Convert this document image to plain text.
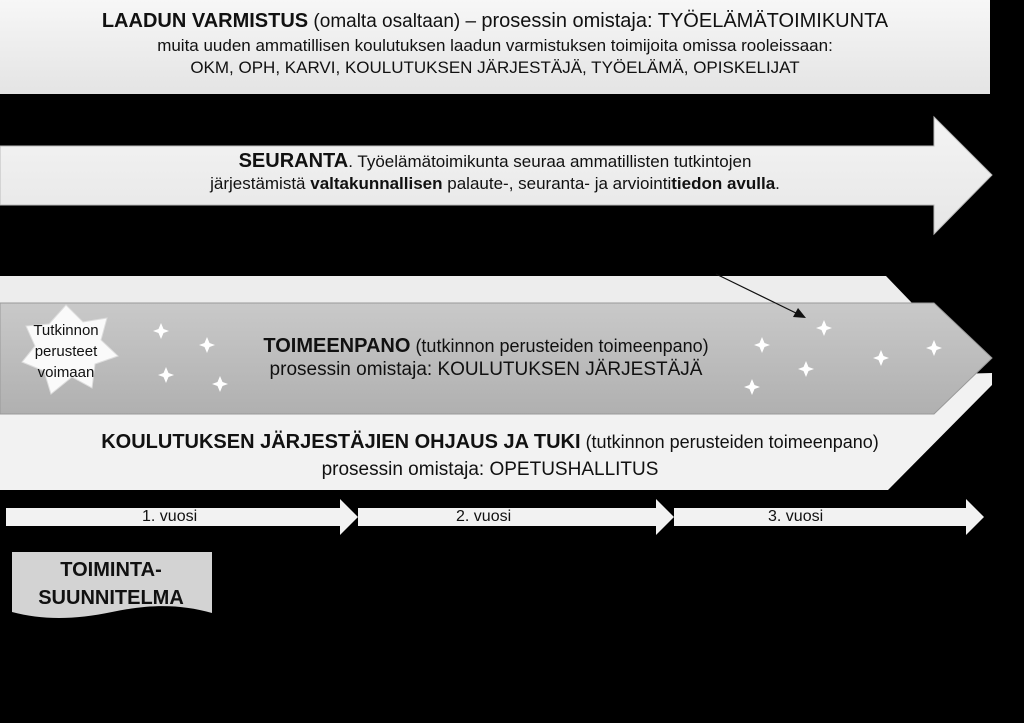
LAADUN VARMISTUS (omalta osaltaan) – prosessin omistaja: TYÖELÄMÄTOIMIKUNTA
muita uuden ammatillisen koulutuksen laadun varmistuksen toimijoita omissa rooleissaan:
OKM, OPH, KARVI, KOULUTUKSEN JÄRJESTÄJÄ, TYÖELÄMÄ, OPISKELIJAT
SEURANTA. Työelämätoimikunta seuraa ammatillisten tutkintojen
järjestämistä valtakunnallisen palaute-, seuranta- ja arviointitiedon avulla.
Tutkinnon
perusteet
voimaan
TOIMEENPANO (tutkinnon perusteiden toimeenpano)
prosessin omistaja: KOULUTUKSEN JÄRJESTÄJÄ
KOULUTUKSEN JÄRJESTÄJIEN OHJAUS JA TUKI (tutkinnon perusteiden toimeenpano)
prosessin omistaja: OPETUSHALLITUS
1. vuosi	2. vuosi	3. vuosi
TOIMINTA-
SUUNNITELMA
